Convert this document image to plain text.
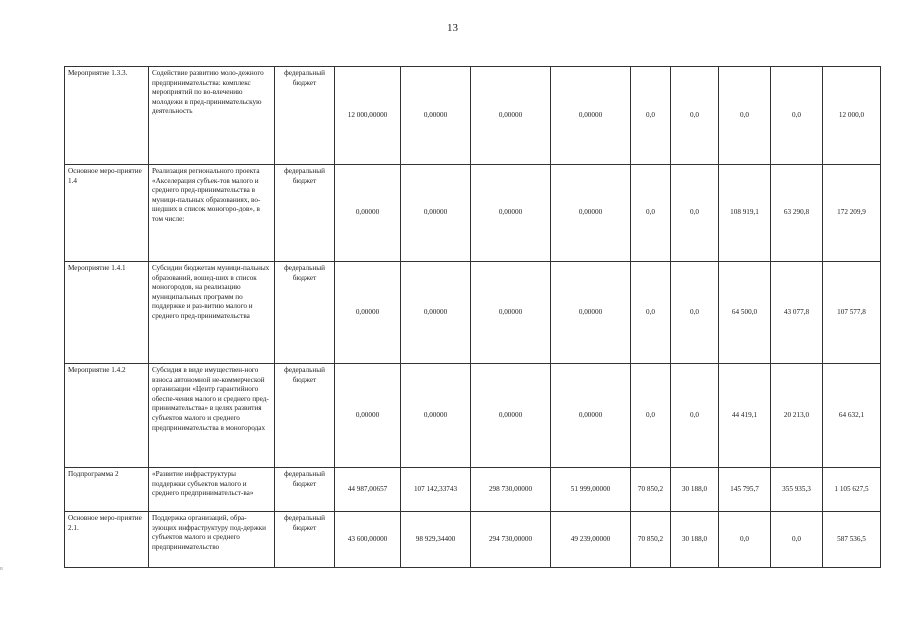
13
в
Мероприятие 1.3.3.	Содействие развитию моло-дежного предпринимательства: комплекс мероприятий по во-влечению молодежи в пред-принимательскую деятельность	федеральный бюджет	12 000,00000	0,00000	0,00000	0,00000	0,0	0,0	0,0	0,0	12 000,0
Основное меро-приятие 1.4	Реализация регионального проекта «Акселерация субъек-тов малого и среднего пред-принимательства в муници-пальных образованиях, во-шедших в список моногоро-дов», в том числе:	федеральный бюджет	0,00000	0,00000	0,00000	0,00000	0,0	0,0	108 919,1	63 290,8	172 209,9
Мероприятие 1.4.1	Субсидии бюджетам муници-пальных образований, вошед-ших в список моногородов, на реализацию муниципальных программ по поддержке и раз-витию малого и среднего пред-принимательства	федеральный бюджет	0,00000	0,00000	0,00000	0,00000	0,0	0,0	64 500,0	43 077,8	107 577,8
Мероприятие 1.4.2	Субсидия в виде имуществен-ного взноса автономной не-коммерческой организации «Центр гарантийного обеспе-чения малого и среднего пред-принимательства» в целях развития субъектов малого и среднего предпринимательства в моногородах	федеральный бюджет	0,00000	0,00000	0,00000	0,00000	0,0	0,0	44 419,1	20 213,0	64 632,1
Подпрограмма 2	«Развитие инфраструктуры поддержки субъектов малого и среднего предпринимательст-ва»	федеральный бюджет	44 987,00657	107 142,33743	298 730,00000	51 999,00000	70 850,2	30 188,0	145 795,7	355 935,3	1 105 627,5
Основное меро-приятие 2.1.	Поддержка организаций, обра-зующих инфраструктуру под-держки субъектов малого и среднего предпринимательство	федеральный бюджет	43 600,00000	98 929,34400	294 730,00000	49 239,00000	70 850,2	30 188,0	0,0	0,0	587 536,5
